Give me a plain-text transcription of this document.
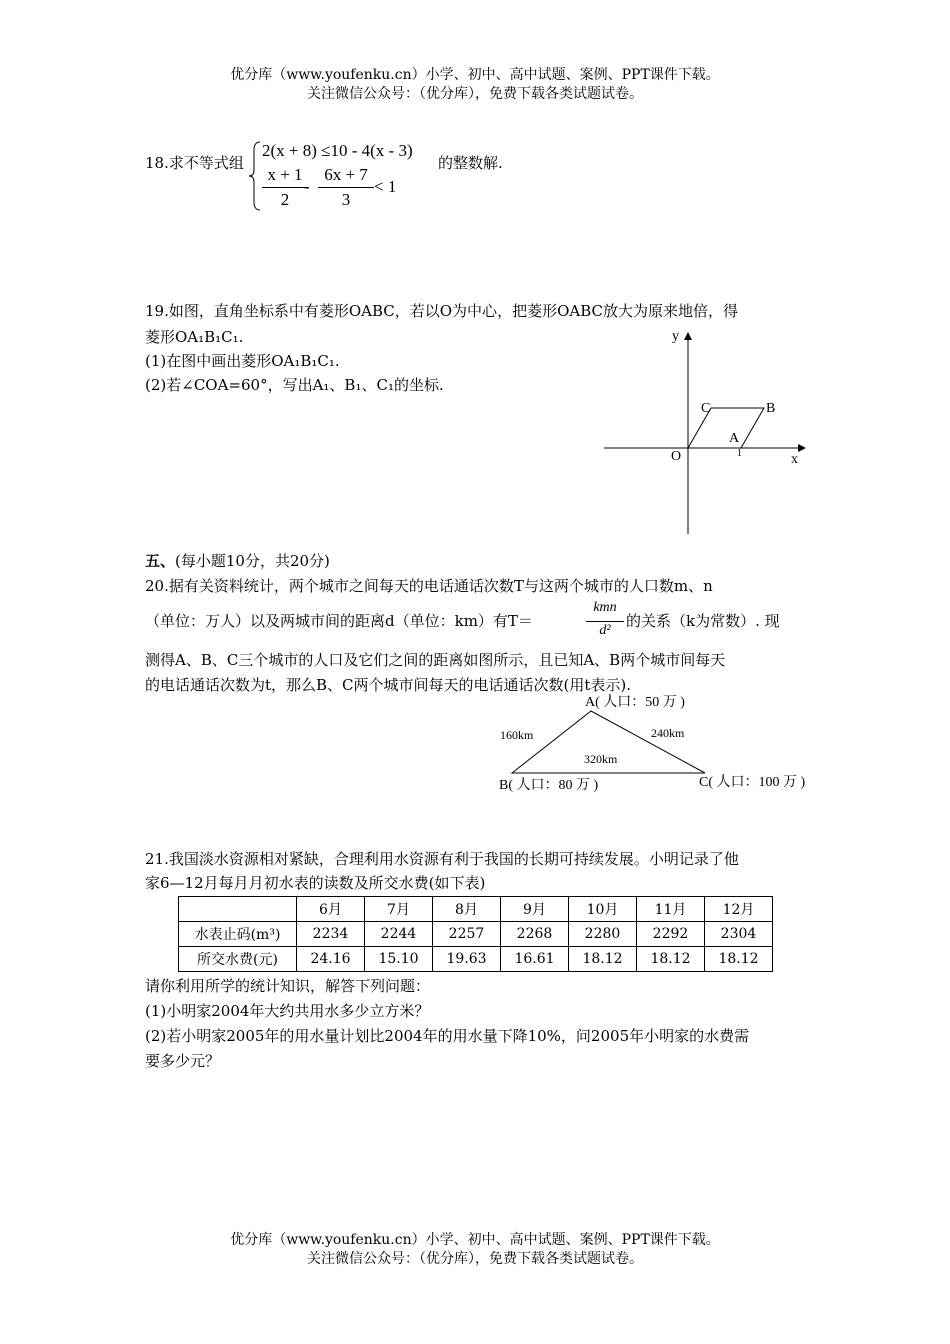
优分库（www.youfenku.cn）小学、初中、高中试题、案例、PPT课件下载。
关注微信公众号：（优分库），免费下载各类试题试卷。
18.求不等式组
2(x + 8) ≤10 - 4(x - 3)
x + 1
2
-
6x + 7
3
< 1
的整数解.
19.如图，直角坐标系中有菱形OABC，若以O为中心，把菱形OABC放大为原来地倍，得
菱形OA₁B₁C₁.
(1)在图中画出菱形OA₁B₁C₁.
(2)若∠COA=60°，写出A₁、B₁、C₁的坐标.
y
x
O
A
B
C
1
五、(每小题10分，共20分)
20.据有关资料统计，两个城市之间每天的电话通话次数T与这两个城市的人口数m、n
（单位：万人）以及两城市间的距离d（单位：km）有T＝
kmn
d²
的关系（k为常数）. 现
测得A、B、C三个城市的人口及它们之间的距离如图所示，且已知A、B两个城市间每天
的电话通话次数为t，那么B、C两个城市间每天的电话通话次数(用t表示).
A( 人口：50 万 )
B( 人口：80 万 )	C( 人口：100 万 )
160km	240km
320km
21.我国淡水资源相对紧缺，合理利用水资源有利于我国的长期可持续发展。小明记录了他
家6—12月每月月初水表的读数及所交水费(如下表)
	6月	7月	8月	9月	10月	11月	12月
水表止码(m³)	2234	2244	2257	2268	2280	2292	2304
所交水费(元)	24.16	15.10	19.63	16.61	18.12	18.12	18.12
请你利用所学的统计知识，解答下列问题：
(1)小明家2004年大约共用水多少立方米？
(2)若小明家2005年的用水量计划比2004年的用水量下降10%，问2005年小明家的水费需
要多少元？
优分库（www.youfenku.cn）小学、初中、高中试题、案例、PPT课件下载。
关注微信公众号：（优分库），免费下载各类试题试卷。
